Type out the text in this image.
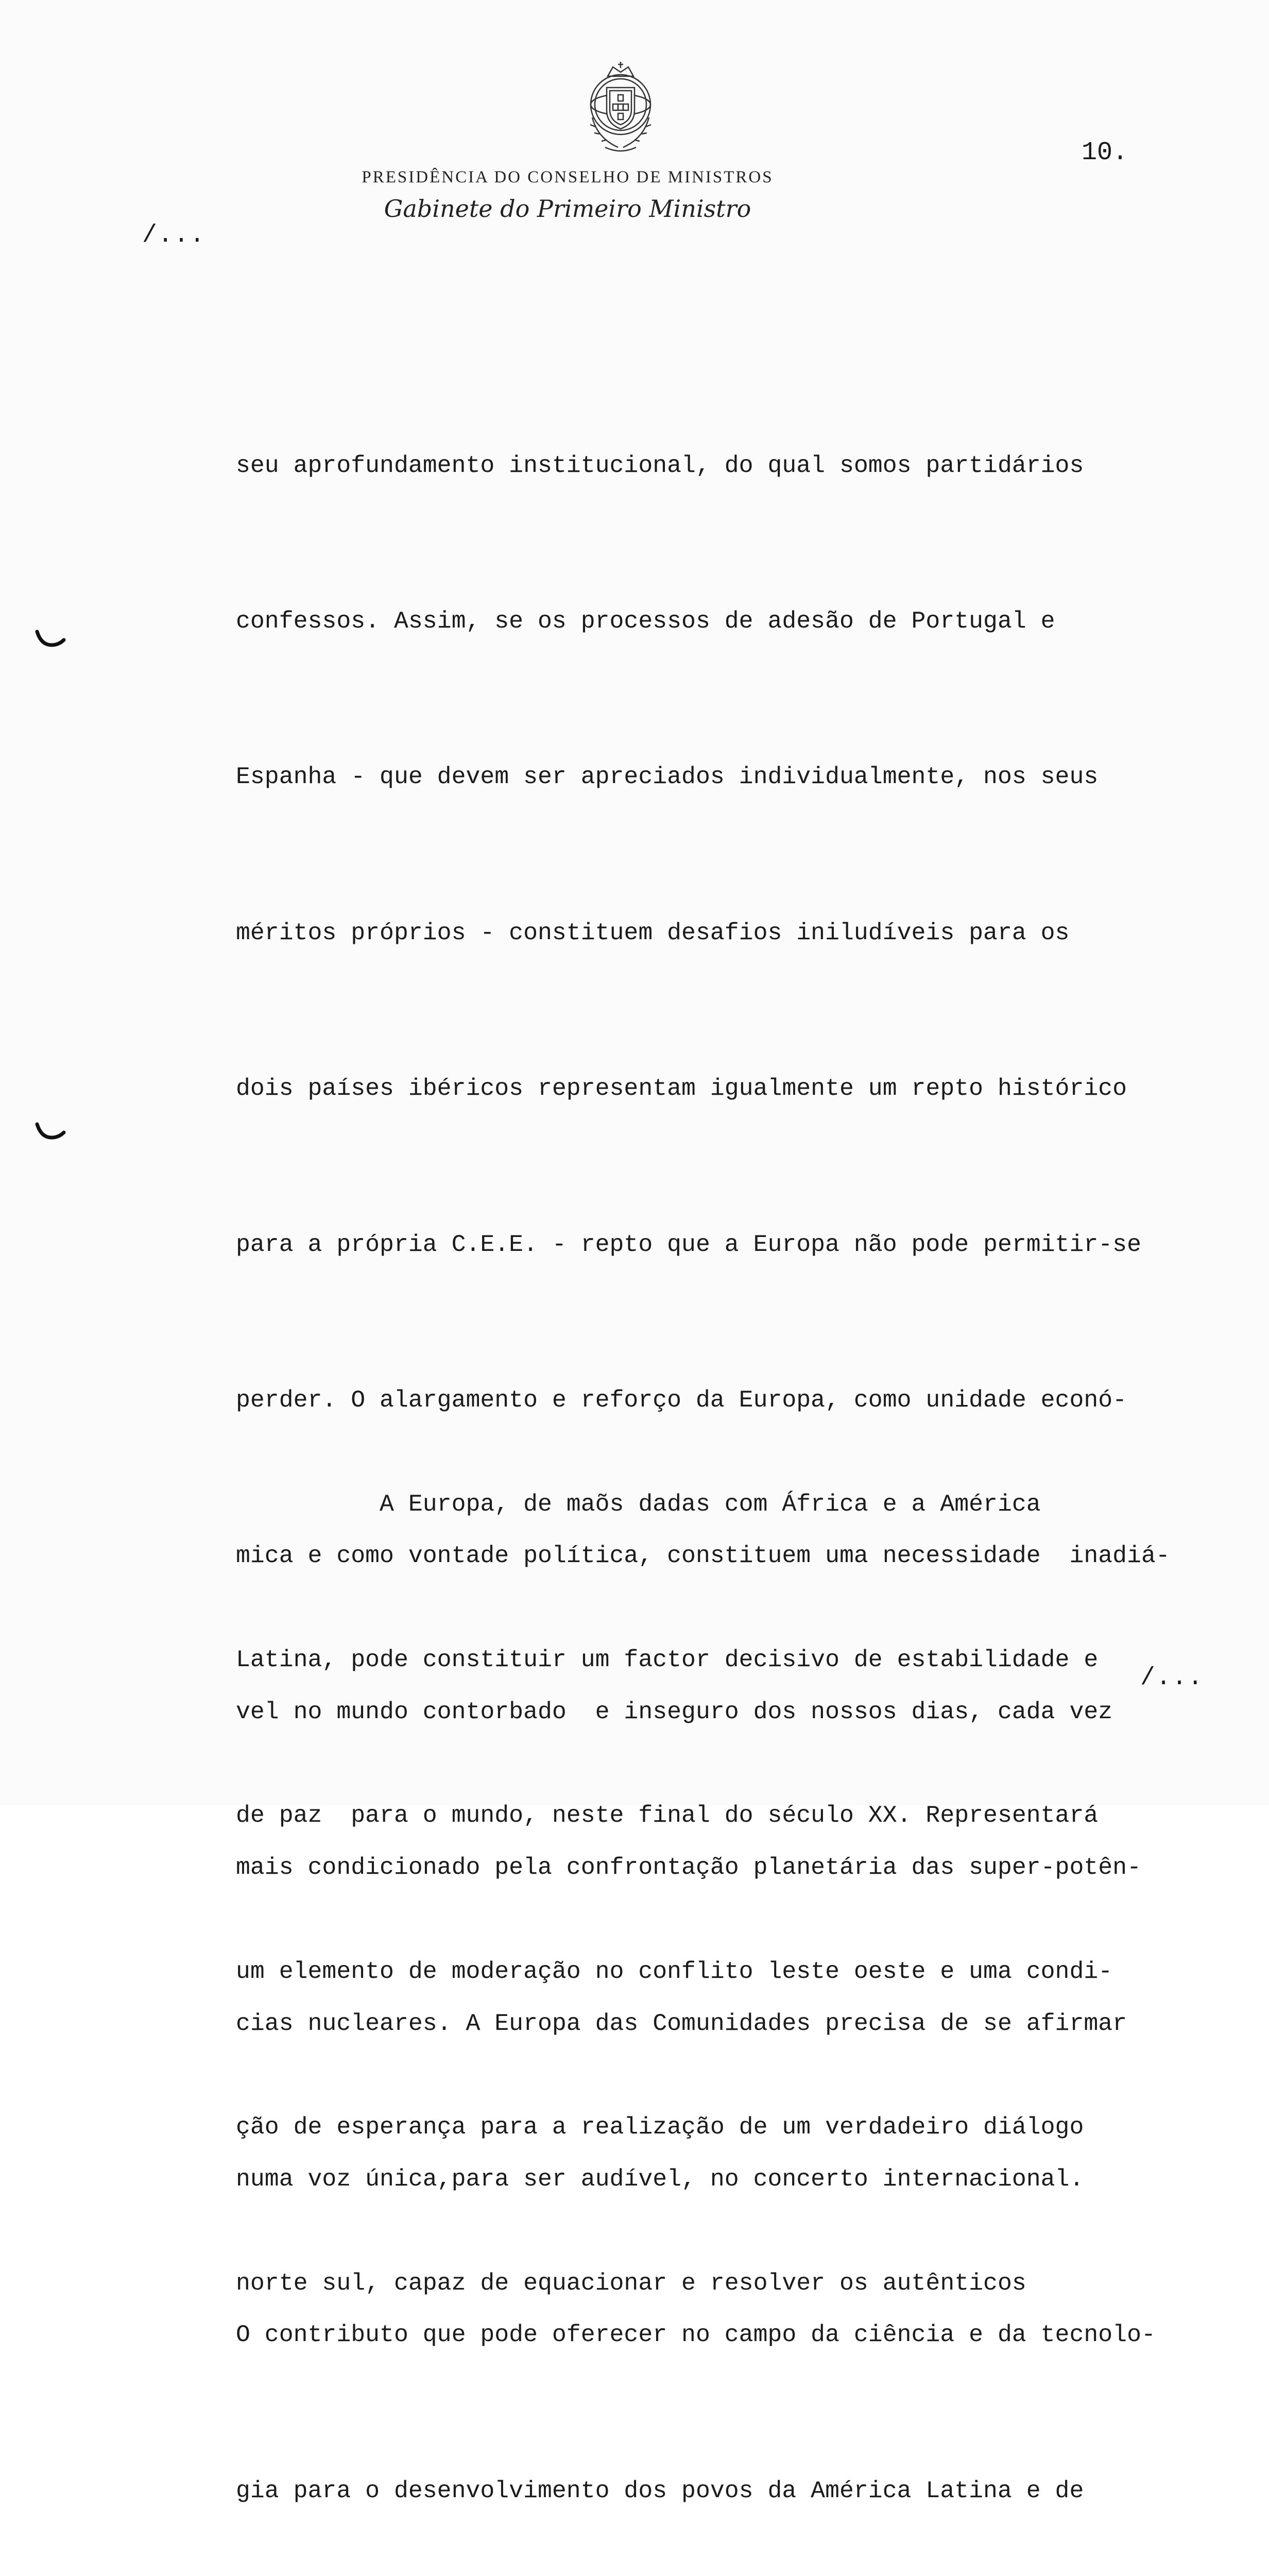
PRESIDÊNCIA DO CONSELHO DE MINISTROS
Gabinete do Primeiro Ministro
10.
/...

seu aprofundamento institucional, do qual somos partidários

confessos. Assim, se os processos de adesão de Portugal e

Espanha - que devem ser apreciados individualmente, nos seus

méritos próprios - constituem desafios iniludíveis para os

dois países ibéricos representam igualmente um repto histórico

para a própria C.E.E. - repto que a Europa não pode permitir-se

perder. O alargamento e reforço da Europa, como unidade econó-

mica e como vontade política, constituem uma necessidade  inadiá-

vel no mundo contorbado  e inseguro dos nossos dias, cada vez

mais condicionado pela confrontação planetária das super-potên-

cias nucleares. A Europa das Comunidades precisa de se afirmar

numa voz única,para ser audível, no concerto internacional.

O contributo que pode oferecer no campo da ciência e da tecnolo-

gia para o desenvolvimento dos povos da América Latina e de

A Europa, de maõs dadas com África e a América

Latina, pode constituir um factor decisivo de estabilidade e

de paz  para o mundo, neste final do século XX. Representará

um elemento de moderação no conflito leste oeste e uma condi-

ção de esperança para a realização de um verdadeiro diálogo

norte sul, capaz de equacionar e resolver os autênticos

/...
